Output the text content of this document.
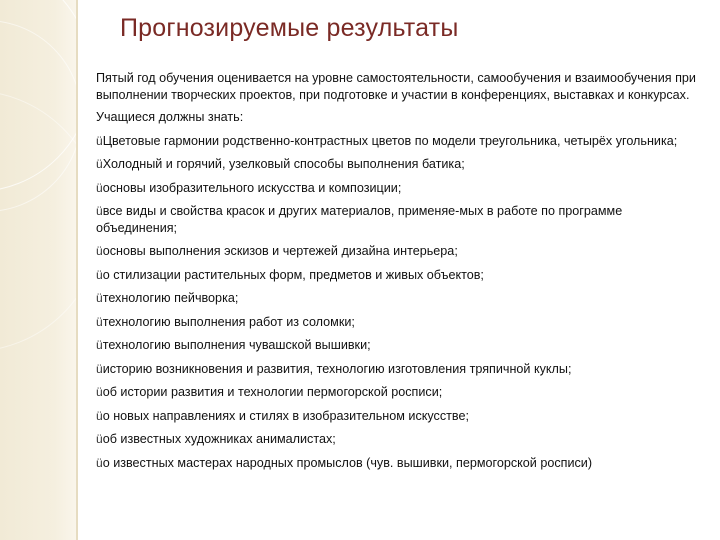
Прогнозируемые результаты

Пятый год обучения оценивается на уровне самостоятельности, самообучения и взаимообучения при выполнении творческих проектов, при подготовке и участии в конференциях, выставках и конкурсах.

Учащиеся должны знать:

üЦветовые гармонии родственно-контрастных цветов по модели треугольника, четырёх угольника;

üХолодный и горячий, узелковый способы выполнения батика;

üосновы изобразительного искусства и композиции;

üвсе виды и свойства красок и других материалов, применяе-мых в работе по программе объединения;

üосновы выполнения эскизов и чертежей дизайна интерьера;

üо стилизации растительных форм, предметов и живых объектов;

üтехнологию пейчворка;

üтехнологию выполнения работ из соломки;

üтехнологию выполнения чувашской вышивки;

üисторию возникновения и развития, технологию изготовления тряпичной куклы;

üоб истории развития и технологии пермогорской росписи;

üо новых направлениях и стилях в изобразительном искусстве;

üоб известных художниках анималистах;

üо известных мастерах народных промыслов (чув. вышивки, пермогорской росписи)
